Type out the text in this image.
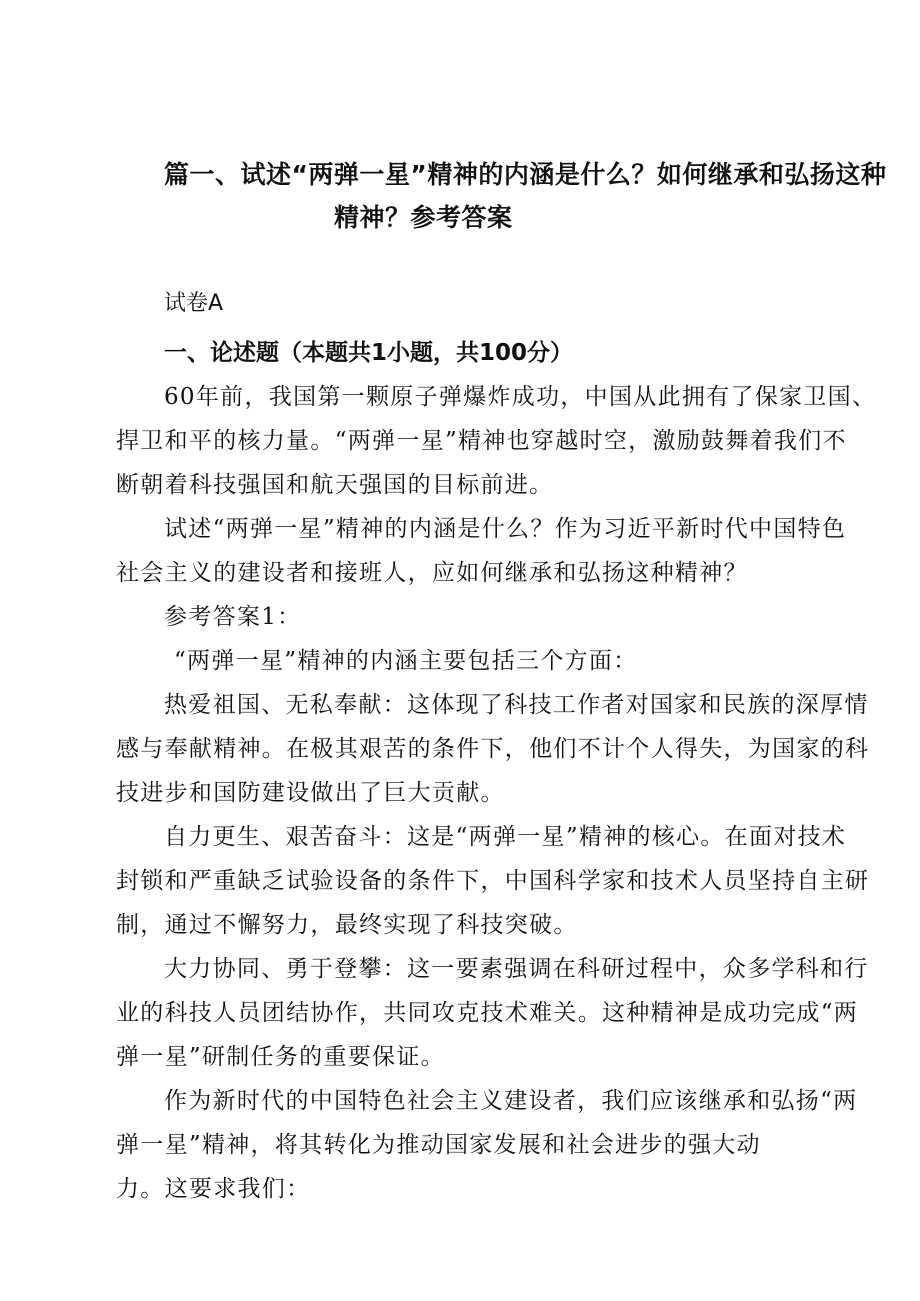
篇一、试述“两弹一星”精神的内涵是什么？如何继承和弘扬这种
精神？参考答案

试卷A

一、论述题（本题共1小题，共100分）

60年前，我国第一颗原子弹爆炸成功，中国从此拥有了保家卫国、

捍卫和平的核力量。“两弹一星”精神也穿越时空，激励鼓舞着我们不

断朝着科技强国和航天强国的目标前进。

试述“两弹一星”精神的内涵是什么？作为习近平新时代中国特色

社会主义的建设者和接班人，应如何继承和弘扬这种精神？

参考答案1：

“两弹一星”精神的内涵主要包括三个方面：

热爱祖国、无私奉献：这体现了科技工作者对国家和民族的深厚情

感与奉献精神。在极其艰苦的条件下，他们不计个人得失，为国家的科

技进步和国防建设做出了巨大贡献。

自力更生、艰苦奋斗：这是“两弹一星”精神的核心。在面对技术

封锁和严重缺乏试验设备的条件下，中国科学家和技术人员坚持自主研

制，通过不懈努力，最终实现了科技突破。

大力协同、勇于登攀：这一要素强调在科研过程中，众多学科和行

业的科技人员团结协作，共同攻克技术难关。这种精神是成功完成“两

弹一星”研制任务的重要保证。

作为新时代的中国特色社会主义建设者，我们应该继承和弘扬“两

弹一星”精神，将其转化为推动国家发展和社会进步的强大动

力。这要求我们：
